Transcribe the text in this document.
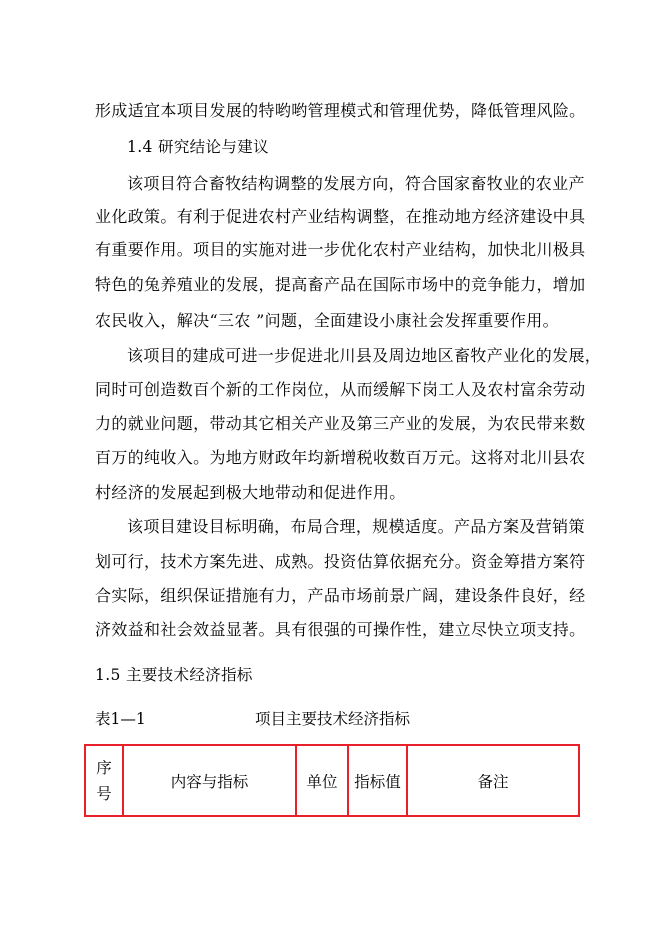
形成适宜本项目发展的特哟哟管理模式和管理优势，降低管理风险。

1.4 研究结论与建议

该项目符合畜牧结构调整的发展方向，符合国家畜牧业的农业产

业化政策。有利于促进农村产业结构调整，在推动地方经济建设中具

有重要作用。项目的实施对进一步优化农村产业结构，加快北川极具

特色的兔养殖业的发展，提高畜产品在国际市场中的竞争能力，增加

农民收入，解决“三农 ”问题，全面建设小康社会发挥重要作用。

该项目的建成可进一步促进北川县及周边地区畜牧产业化的发展，

同时可创造数百个新的工作岗位，从而缓解下岗工人及农村富余劳动

力的就业问题，带动其它相关产业及第三产业的发展，为农民带来数

百万的纯收入。为地方财政年均新增税收数百万元。这将对北川县农

村经济的发展起到极大地带动和促进作用。

该项目建设目标明确，布局合理，规模适度。产品方案及营销策

划可行，技术方案先进、成熟。投资估算依据充分。资金筹措方案符

合实际，组织保证措施有力，产品市场前景广阔，建设条件良好，经

济效益和社会效益显著。具有很强的可操作性，建立尽快立项支持。

1.5 主要技术经济指标

表1—1	项目主要技术经济指标
序
号
	内容与指标	单位	指标值	备注
